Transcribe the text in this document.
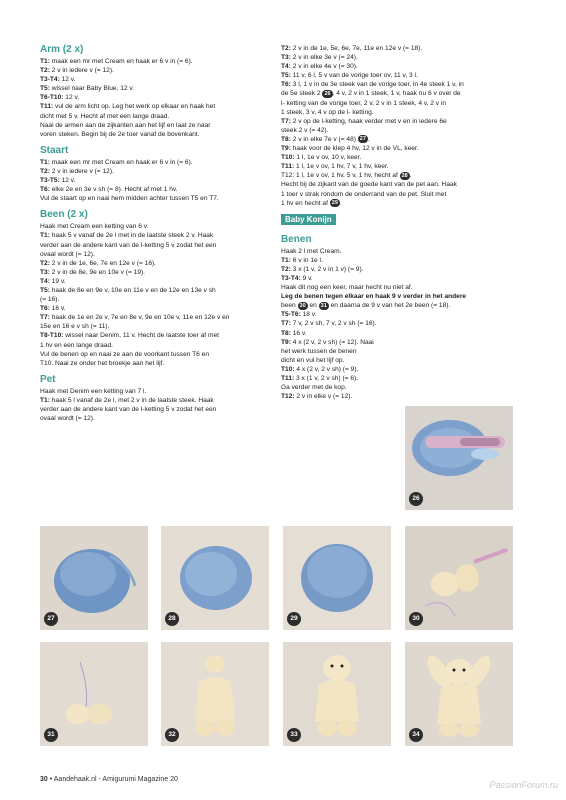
Arm (2 x)
T1: maak een mr met Cream en haak er 6 v in (= 6).
T2: 2 v in iedere v (= 12).
T3-T4: 12 v.
T5: wissel naar Baby Blue, 12 v.
T6-T10: 12 v.
T11: vul de arm licht op. Leg het werk op elkaar en haak het
dicht met 5 v. Hecht af met een lange draad.
Naai de armen aan de zijkanten aan het lijf en laat ze naar
voren steken. Begin bij de 2e toer vanaf de bovenkant.
Staart
T1: maak een mr met Cream en haak er 6 v in (= 6).
T2: 2 v in iedere v (= 12).
T3-T5: 12 v.
T6: elke 2e en 3e v sh (= 8). Hecht af met 1 hv.
Vul de staart op en naai hem midden achter tussen T5 en T7.
Been (2 x)
Haak met Cream een ketting van 6 v.
T1: haak 5 v vanaf de 2e l met in de laatste steek 2 v. Haak
verder aan de andere kant van de l-ketting 5 v zodat het een
ovaal wordt (= 12).
T2: 2 v in de 1e, 6e, 7e en 12e v (= 16).
T3: 2 v in de 8e, 9e en 10e v (= 19).
T4: 19 v.
T5: haak de 8e en 9e v, 10e en 11e v en de 12e en 13e v sh
(= 16).
T6: 16 v.
T7: haak de 1e en 2e v, 7e en 8e v, 9e en 10e v, 11e en 12e v en
15e en 16 e v sh (= 11).
T8-T10: wissel naar Denim, 11 v. Hecht de laatste toer af met
1 hv en een lange draad.
Vul de benen op en naai ze aan de voorkant tussen T6 en
T10. Naai ze onder het broekje aan het lijf.
Pet
Haak met Denim een ketting van 7 l.
T1: haak 5 l vanaf de 2e l, met 2 v in de laatste steek. Haak
verder aan de andere kant van de l-ketting 5 v zodat het een
ovaal wordt (= 12).
T2: 2 v in de 1e, 5e, 6e, 7e, 11e en 12e v (= 18).
T3: 2 v in elke 3e v (= 24).
T4: 2 v in elke 4e v (= 30).
T5: 11 v, 6 l, 5 v van de vorige toer ov, 11 v, 3 l.
T6: 3 l, 1 v in de 3e steek van de vorige toer, in 4e steek 1 v, in
de 5e steek 2 26 , 4 v, 2 v in 1 steek, 1 v, haak nu 6 v over de
l- ketting van de vorige toer, 2 v, 2 v in 1 steek, 4 v, 2 v in
1 steek, 3 v, 4 v op de l- ketting.
T7: 2 v op de l-ketting, haak verder met v en in iedere 6e
steek 2 v (= 42).
T8: 2 v in elke 7e v (= 48) 27 .
T9: haak voor de klep 4 hv, 12 v in de VL, keer.
T10: 1 l, 1e v ov, 10 v, keer.
T11: 1 l, 1e v ov, 1 hv, 7 v, 1 hv, keer.
T12: 1 l, 1e v ov, 1 hv, 5 v, 1 hv, hecht af 28 .
Hecht bij de zijkant van de goede kant van de pet aan. Haak
1 toer v strak rondom de onderrand van de pet. Sluit met
1 hv en hecht af 29 .
Baby Konijn
Benen
Haak 2 l met Cream.
T1: 6 v in 1e l.
T2: 3 x (1 v, 2 v in 1 v) (= 9).
T3-T4: 9 v.
Haak dit nog een keer, maar hecht nu niet af.
Leg de benen tegen elkaar en haak 9 v verder in het andere
been 30 en 31 en daarna de 9 v van het 2e been (= 18).
T5-T6: 18 v.
T7: 7 v, 2 v sh, 7 v, 2 v sh (= 16).
T8: 16 v.
T9: 4 x (2 v, 2 v sh) (= 12). Naai
het werk tussen de benen
dicht en vul het lijf op.
T10: 4 x (2 v, 2 v sh) (= 9).
T11: 3 x (1 v, 2 v sh) (= 6).
Ga verder met de kop.
T12: 2 v in elke v (= 12).
26
27	28	29	30
31	32	33	34
30 • Aandehaak.nl - Amigurumi Magazine 20
PassionForum.ru
